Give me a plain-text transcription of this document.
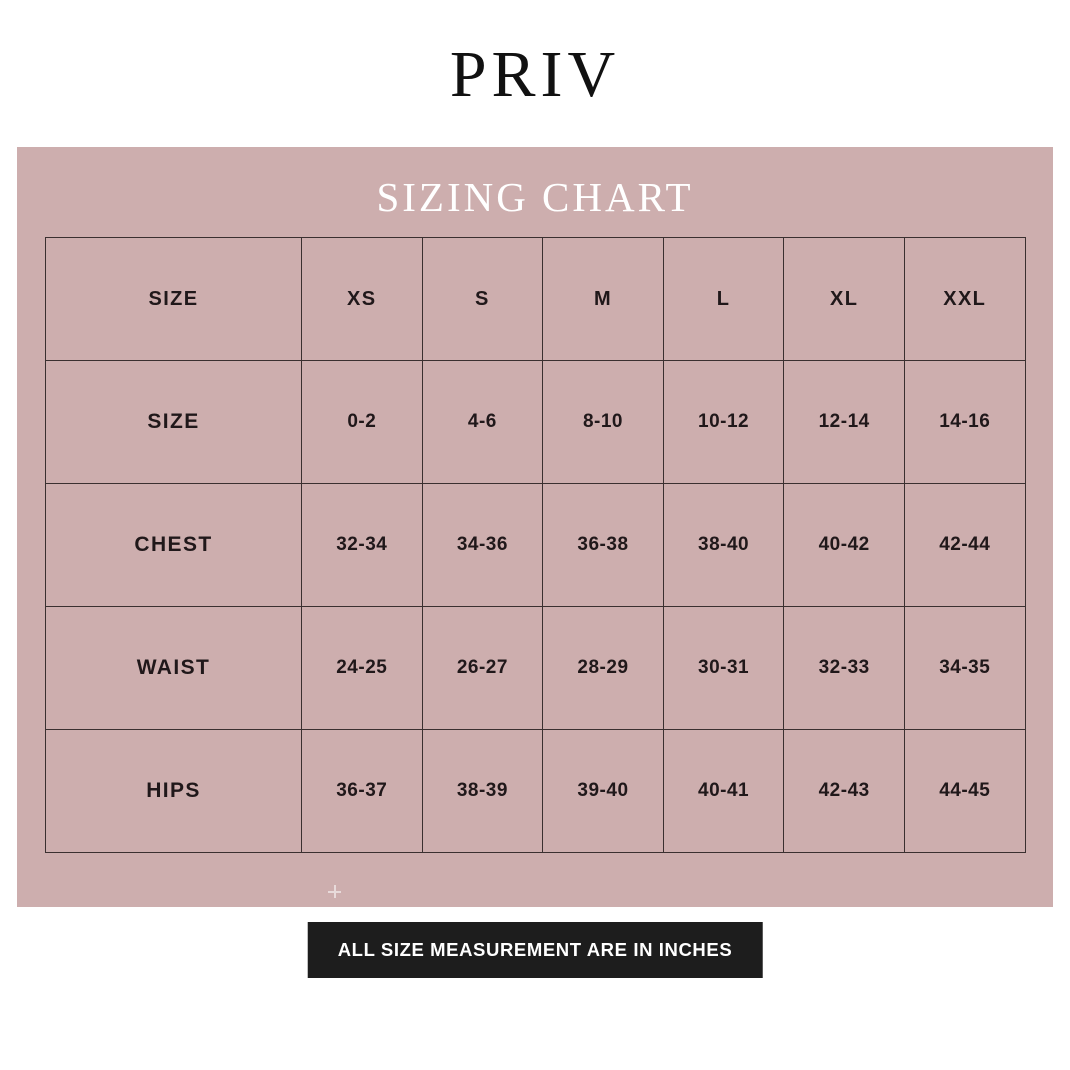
PRIV
SIZING CHART
SIZE	XS	S	M	L	XL	XXL
SIZE	0-2	4-6	8-10	10-12	12-14	14-16
CHEST	32-34	34-36	36-38	38-40	40-42	42-44
WAIST	24-25	26-27	28-29	30-31	32-33	34-35
HIPS	36-37	38-39	39-40	40-41	42-43	44-45
ALL SIZE MEASUREMENT ARE IN INCHES
